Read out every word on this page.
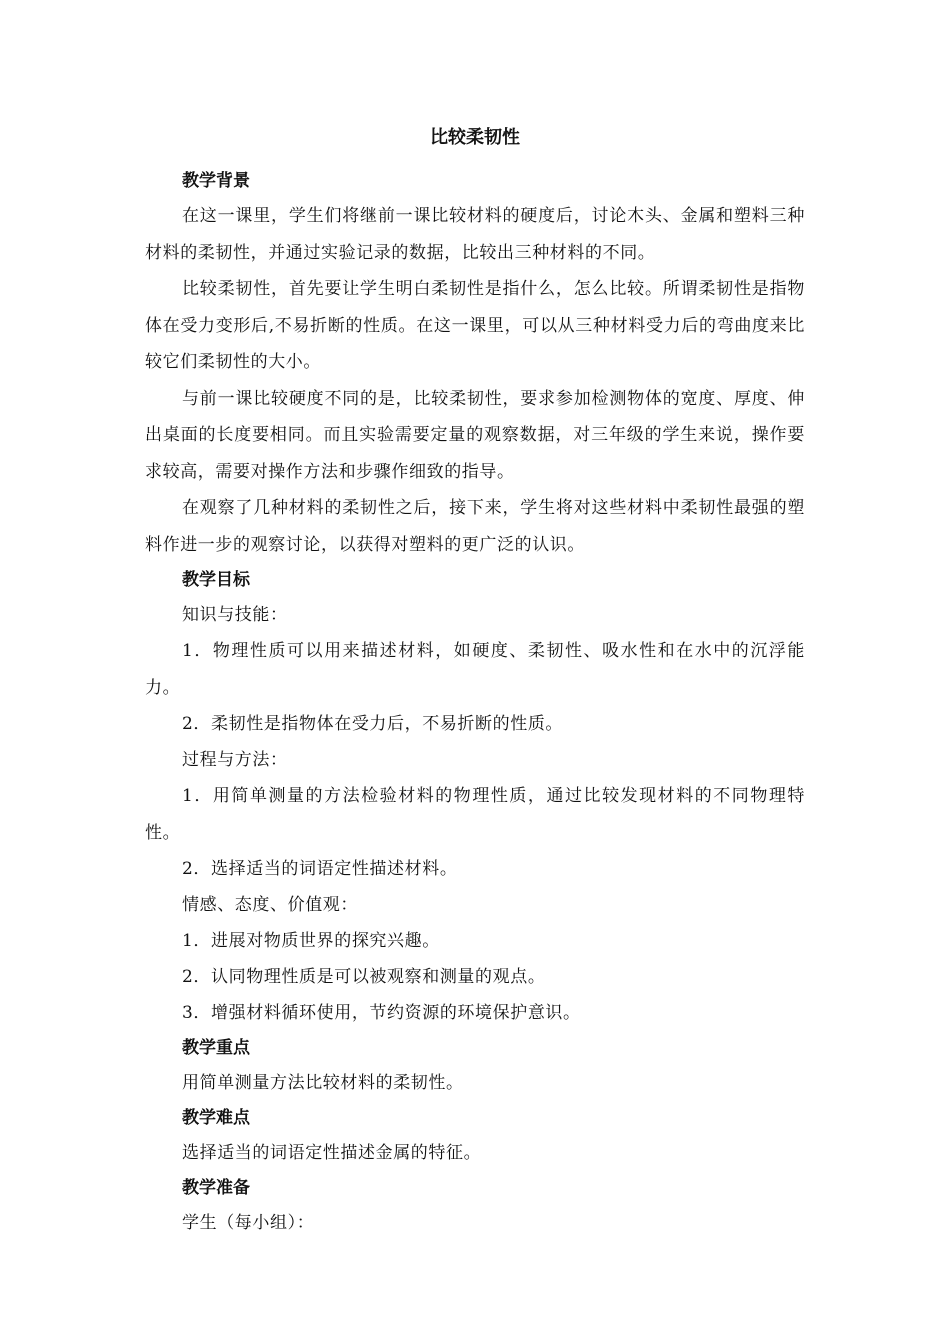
比较柔韧性
教学背景

在这一课里，学生们将继前一课比较材料的硬度后，讨论木头、金属和塑料三种材料的柔韧性，并通过实验记录的数据，比较出三种材料的不同。

比较柔韧性，首先要让学生明白柔韧性是指什么，怎么比较。所谓柔韧性是指物体在受力变形后,不易折断的性质。在这一课里，可以从三种材料受力后的弯曲度来比较它们柔韧性的大小。

与前一课比较硬度不同的是，比较柔韧性，要求参加检测物体的宽度、厚度、伸出桌面的长度要相同。而且实验需要定量的观察数据，对三年级的学生来说，操作要求较高，需要对操作方法和步骤作细致的指导。

在观察了几种材料的柔韧性之后，接下来，学生将对这些材料中柔韧性最强的塑料作进一步的观察讨论，以获得对塑料的更广泛的认识。

教学目标

知识与技能：

1．物理性质可以用来描述材料，如硬度、柔韧性、吸水性和在水中的沉浮能力。

2．柔韧性是指物体在受力后，不易折断的性质。

过程与方法：

1．用简单测量的方法检验材料的物理性质，通过比较发现材料的不同物理特性。

2．选择适当的词语定性描述材料。

情感、态度、价值观：

1．进展对物质世界的探究兴趣。

2．认同物理性质是可以被观察和测量的观点。

3．增强材料循环使用，节约资源的环境保护意识。

教学重点

用简单测量方法比较材料的柔韧性。

教学难点

选择适当的词语定性描述金属的特征。

教学准备

学生（每小组）：
